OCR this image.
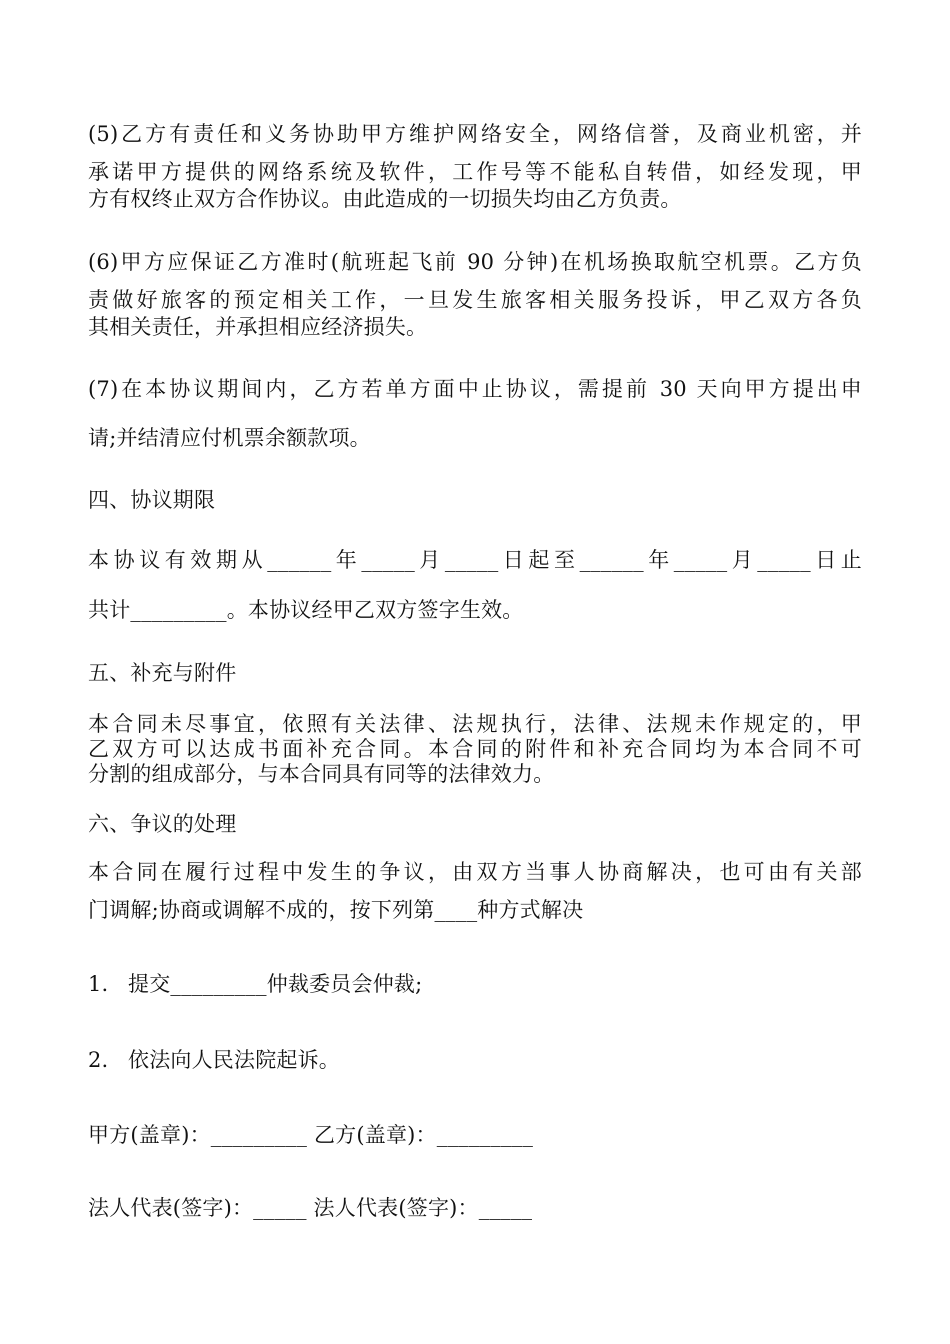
(5)乙方有责任和义务协助甲方维护网络安全，网络信誉，及商业机密，并
承诺甲方提供的网络系统及软件，工作号等不能私自转借，如经发现，甲
方有权终止双方合作协议。由此造成的一切损失均由乙方负责。
(6)甲方应保证乙方准时(航班起飞前 90 分钟)在机场换取航空机票。乙方负
责做好旅客的预定相关工作，一旦发生旅客相关服务投诉，甲乙双方各负
其相关责任，并承担相应经济损失。
(7)在本协议期间内，乙方若单方面中止协议，需提前 30 天向甲方提出申
请;并结清应付机票余额款项。
四、协议期限
本协议有效期从______年_____月_____日起至______年_____月_____日止
共计_________。本协议经甲乙双方签字生效。
五、补充与附件
本合同未尽事宜，依照有关法律、法规执行，法律、法规未作规定的，甲
乙双方可以达成书面补充合同。本合同的附件和补充合同均为本合同不可
分割的组成部分，与本合同具有同等的法律效力。
六、争议的处理
本合同在履行过程中发生的争议，由双方当事人协商解决，也可由有关部
门调解;协商或调解不成的，按下列第____种方式解决
1. 提交_________仲裁委员会仲裁;
2. 依法向人民法院起诉。
甲方(盖章)：_________ 乙方(盖章)：_________
法人代表(签字)：_____ 法人代表(签字)：_____
